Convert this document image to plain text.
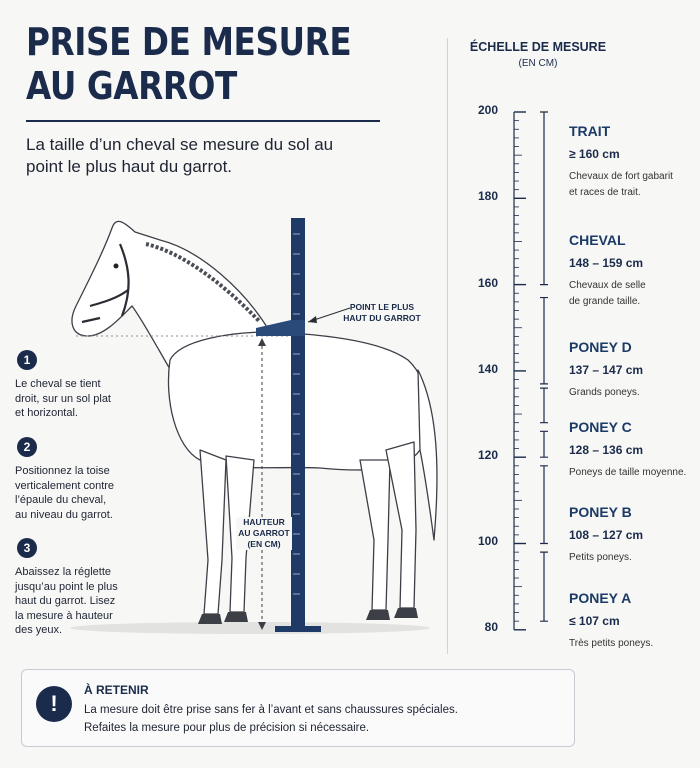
PRISE DE MESURE
AU GARROT

La taille d’un cheval se mesure du sol au point le plus haut du garrot.

1
Le cheval se tient droit, sur un sol plat et horizontal.
2
Positionnez la toise verticalement contre l’épaule du cheval, au niveau du garrot.
3
Abaissez la réglette jusqu’au point le plus haut du garrot. Lisez la mesure à hauteur des yeux.
POINT LE PLUS
HAUT DU GARROT
HAUTEUR
AU GARROT
(EN CM)
ÉCHELLE DE MESURE
(EN CM)
200
180
160
140
120
100
80
TRAIT
≥ 160 cm
Chevaux de fort gabarit
et races de trait.
CHEVAL
148 – 159 cm
Chevaux de selle
de grande taille.
PONEY D
137 – 147 cm
Grands poneys.
PONEY C
128 – 136 cm
Poneys de taille moyenne.
PONEY B
108 – 127 cm
Petits poneys.
PONEY A
≤ 107 cm
Très petits poneys.
!
À RETENIR
La mesure doit être prise sans fer à l’avant et sans chaussures spéciales.
Refaites la mesure pour plus de précision si nécessaire.
